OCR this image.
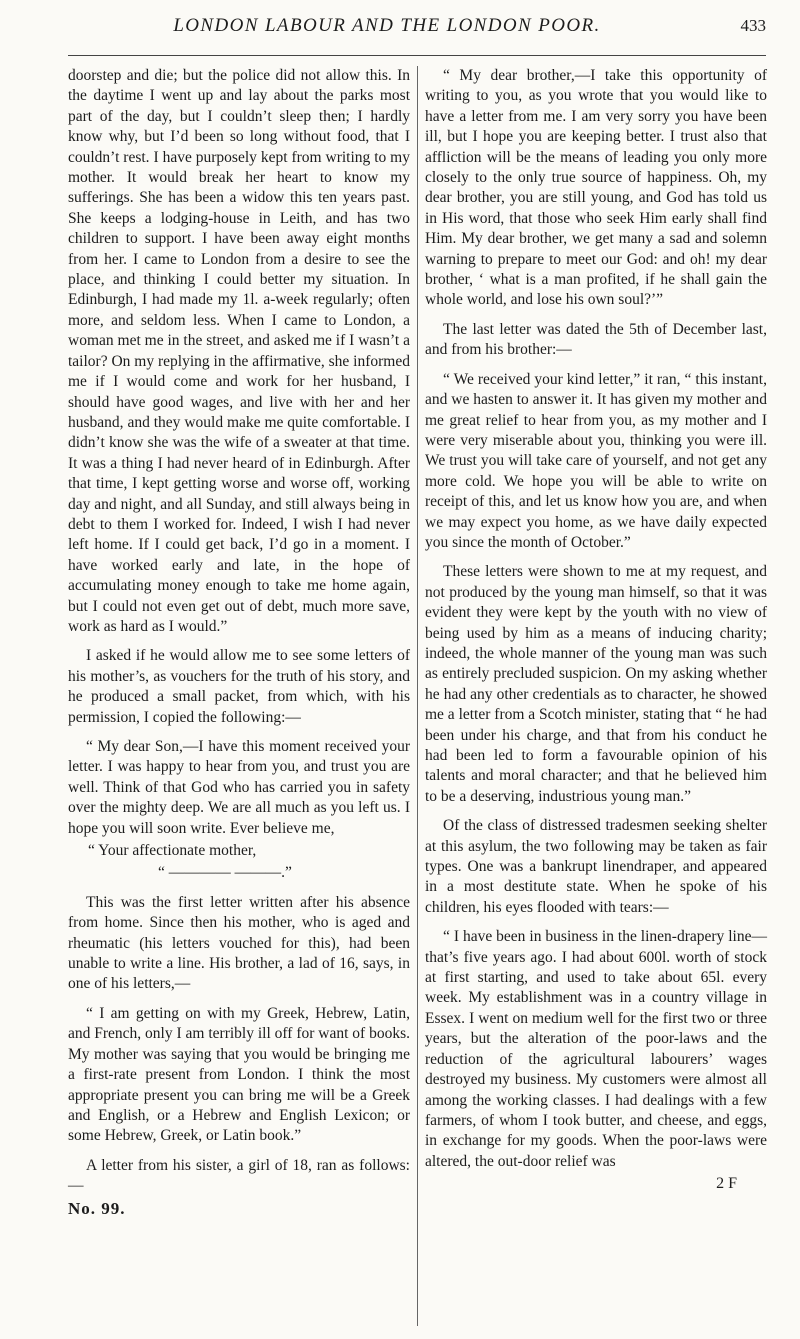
LONDON LABOUR AND THE LONDON POOR.	433

doorstep and die; but the police did not allow this. In the daytime I went up and lay about the parks most part of the day, but I couldn’t sleep then; I hardly know why, but I’d been so long without food, that I couldn’t rest. I have purposely kept from writing to my mother. It would break her heart to know my sufferings. She has been a widow this ten years past. She keeps a lodging-house in Leith, and has two children to support. I have been away eight months from her. I came to London from a desire to see the place, and thinking I could better my situation. In Edinburgh, I had made my 1l. a-week regularly; often more, and seldom less. When I came to London, a woman met me in the street, and asked me if I wasn’t a tailor? On my replying in the affirmative, she informed me if I would come and work for her husband, I should have good wages, and live with her and her husband, and they would make me quite comfortable. I didn’t know she was the wife of a sweater at that time. It was a thing I had never heard of in Edinburgh. After that time, I kept getting worse and worse off, working day and night, and all Sunday, and still always being in debt to them I worked for. Indeed, I wish I had never left home. If I could get back, I’d go in a moment. I have worked early and late, in the hope of accumulating money enough to take me home again, but I could not even get out of debt, much more save, work as hard as I would.”

I asked if he would allow me to see some letters of his mother’s, as vouchers for the truth of his story, and he produced a small packet, from which, with his permission, I copied the following:—

“ My dear Son,—I have this moment received your letter. I was happy to hear from you, and trust you are well. Think of that God who has carried you in safety over the mighty deep. We are all much as you left us. I hope you will soon write. Ever believe me,

“ Your affectionate mother,

“ ———— ———.”

This was the first letter written after his absence from home. Since then his mother, who is aged and rheumatic (his letters vouched for this), had been unable to write a line. His brother, a lad of 16, says, in one of his letters,—

“ I am getting on with my Greek, Hebrew, Latin, and French, only I am terribly ill off for want of books. My mother was saying that you would be bringing me a first-rate present from London. I think the most appropriate present you can bring me will be a Greek and English, or a Hebrew and English Lexicon; or some Hebrew, Greek, or Latin book.”

A letter from his sister, a girl of 18, ran as follows:—

No. 99.

“ My dear brother,—I take this opportunity of writing to you, as you wrote that you would like to have a letter from me. I am very sorry you have been ill, but I hope you are keeping better. I trust also that affliction will be the means of leading you only more closely to the only true source of happiness. Oh, my dear brother, you are still young, and God has told us in His word, that those who seek Him early shall find Him. My dear brother, we get many a sad and solemn warning to prepare to meet our God: and oh! my dear brother, ‘ what is a man profited, if he shall gain the whole world, and lose his own soul?’”

The last letter was dated the 5th of December last, and from his brother:—

“ We received your kind letter,” it ran, “ this instant, and we hasten to answer it. It has given my mother and me great relief to hear from you, as my mother and I were very miserable about you, thinking you were ill. We trust you will take care of yourself, and not get any more cold. We hope you will be able to write on receipt of this, and let us know how you are, and when we may expect you home, as we have daily expected you since the month of October.”

These letters were shown to me at my request, and not produced by the young man himself, so that it was evident they were kept by the youth with no view of being used by him as a means of inducing charity; indeed, the whole manner of the young man was such as entirely precluded suspicion. On my asking whether he had any other credentials as to character, he showed me a letter from a Scotch minister, stating that “ he had been under his charge, and that from his conduct he had been led to form a favourable opinion of his talents and moral character; and that he believed him to be a deserving, industrious young man.”

Of the class of distressed tradesmen seeking shelter at this asylum, the two following may be taken as fair types. One was a bankrupt linendraper, and appeared in a most destitute state. When he spoke of his children, his eyes flooded with tears:—

“ I have been in business in the linen-drapery line—that’s five years ago. I had about 600l. worth of stock at first starting, and used to take about 65l. every week. My establishment was in a country village in Essex. I went on medium well for the first two or three years, but the alteration of the poor-laws and the reduction of the agricultural labourers’ wages destroyed my business. My customers were almost all among the working classes. I had dealings with a few farmers, of whom I took butter, and cheese, and eggs, in exchange for my goods. When the poor-laws were altered, the out-door relief was

2 F
